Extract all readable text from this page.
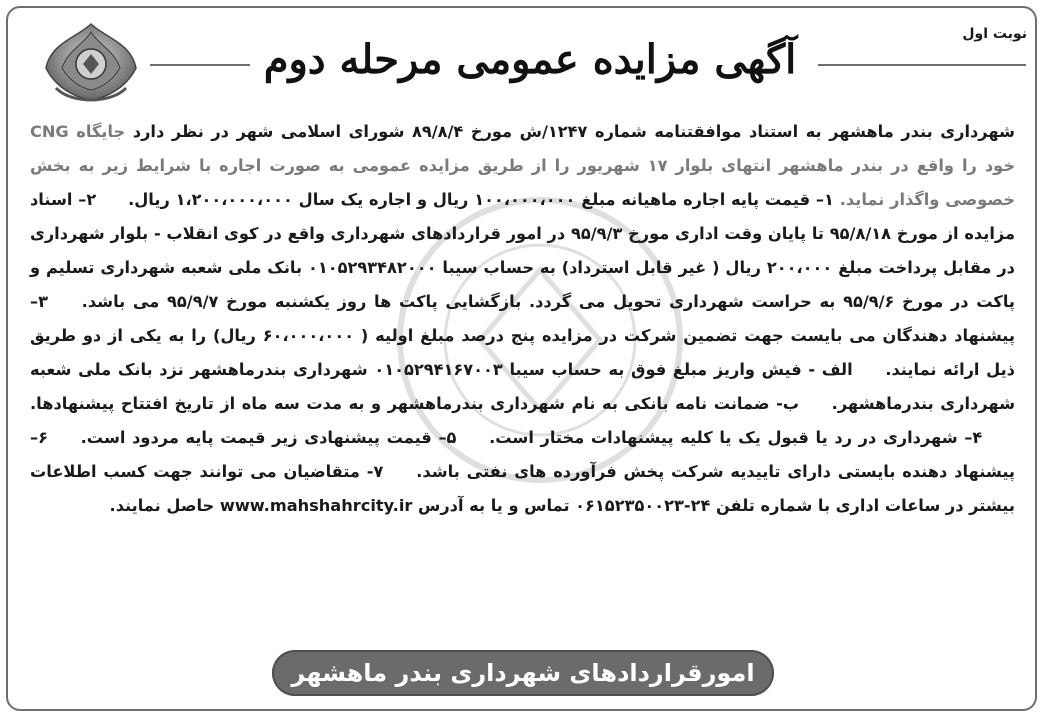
نوبت اول
آگهی مزایده عمومی مرحله دوم
شهرداری بندر ماهشهر به استناد موافقتنامه شماره ۱۲۴۷/ش مورخ ۸۹/۸/۴ شورای اسلامی شهر در نظر دارد جایگاه CNG خود را واقع در بندر ماهشهر انتهای بلوار ۱۷ شهریور را از طریق مزایده عمومی به صورت اجاره با شرایط زیر به بخش خصوصی واگذار نماید. ۱– قیمت پایه اجاره ماهیانه مبلغ ۱۰۰،۰۰۰،۰۰۰ ریال و اجاره یک سال ۱،۲۰۰،۰۰۰،۰۰۰ ریال. ۲– اسناد مزایده از مورخ ۹۵/۸/۱۸ تا پایان وقت اداری مورخ ۹۵/۹/۳ در امور قراردادهای شهرداری واقع در کوی انقلاب - بلوار شهرداری در مقابل پرداخت مبلغ ۲۰۰،۰۰۰ ریال ( غیر قابل استرداد) به حساب سیبا ۰۱۰۵۲۹۳۴۸۲۰۰۰ بانک ملی شعبه شهرداری تسلیم و پاکت در مورخ ۹۵/۹/۶ به حراست شهرداری تحویل می گردد. بازگشایی پاکت ها روز یکشنبه مورخ ۹۵/۹/۷ می باشد. ۳– پیشنهاد دهندگان می بایست جهت تضمین شرکت در مزایده پنج درصد مبلغ اولیه ( ۶۰،۰۰۰،۰۰۰ ریال) را به یکی از دو طریق ذیل ارائه نمایند. الف - فیش واریز مبلغ فوق به حساب سیبا ۰۱۰۵۲۹۴۱۶۷۰۰۳ شهرداری بندرماهشهر نزد بانک ملی شعبه شهرداری بندرماهشهر. ب- ضمانت نامه بانکی به نام شهرداری بندرماهشهر و به مدت سه ماه از تاریخ افتتاح پیشنهادها. ۴– شهرداری در رد یا قبول یک یا کلیه پیشنهادات مختار است. ۵– قیمت پیشنهادی زیر قیمت پایه مردود است. ۶– پیشنهاد دهنده بایستی دارای تاییدیه شرکت پخش فرآورده های نفتی باشد. ۷- متقاضیان می توانند جهت کسب اطلاعات بیشتر در ساعات اداری با شماره تلفن ۲۴-۰۶۱۵۲۳۵۰۰۲۳ تماس و یا به آدرس www.mahshahrcity.ir حاصل نمایند.
امورقراردادهای شهرداری بندر ماهشهر
